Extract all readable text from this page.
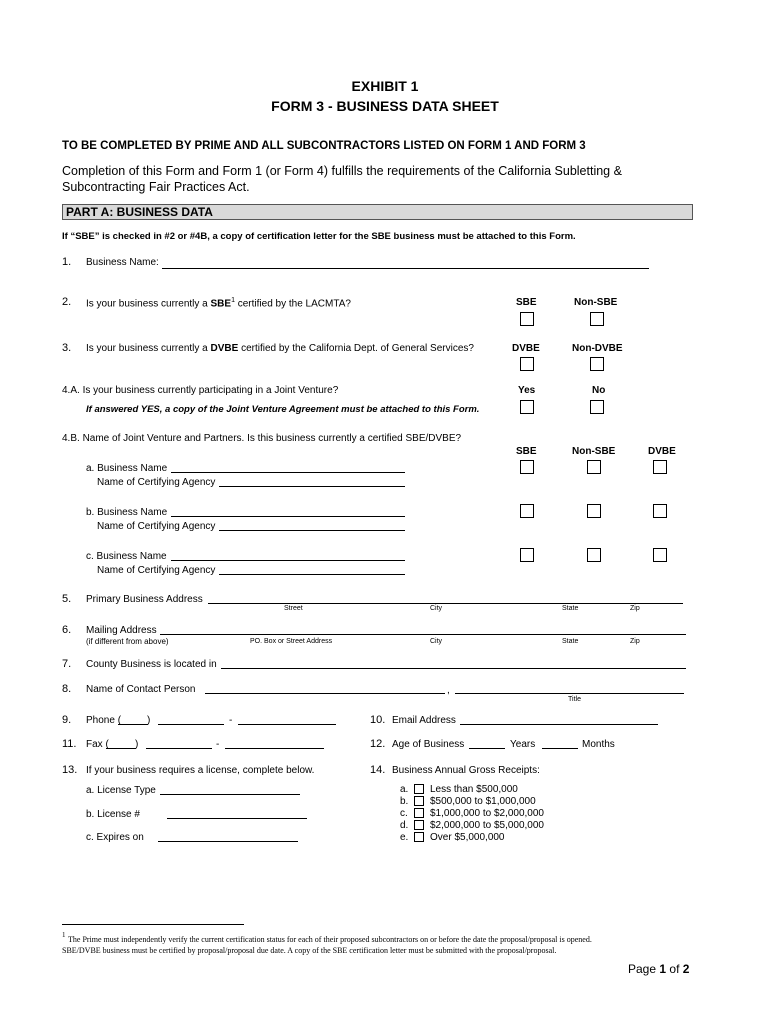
EXHIBIT 1
FORM 3 - BUSINESS DATA SHEET
TO BE COMPLETED BY PRIME AND ALL SUBCONTRACTORS LISTED ON FORM 1 AND FORM 3
Completion of this Form and Form 1 (or Form 4) fulfills the requirements of the California Subletting &
Subcontracting Fair Practices Act.
PART A: BUSINESS DATA
If “SBE” is checked in #2 or #4B, a copy of certification letter for the SBE business must be attached to this Form.
1. Business Name:
2. Is your business currently a SBE$^1$ certified by the LACMTA?	SBE	Non-SBE
3. Is your business currently a DVBE certified by the California Dept. of General Services?	DVBE	Non-DVBE
4.A. Is your business currently participating in a Joint Venture?
If answered YES, a copy of the Joint Venture Agreement must be attached to this Form.
Yes	No
4.B. Name of Joint Venture and Partners. Is this business currently a certified SBE/DVBE?
SBE	Non-SBE	DVBE
a. Business Name
Name of Certifying Agency
b. Business Name
Name of Certifying Agency
c. Business Name
Name of Certifying Agency
5. Primary Business Address
Street	City	State	Zip
6. Mailing Address
(if different from above)	PO. Box or Street Address	City	State	Zip
7. County Business is located in
8. Name of Contact Person	,
Title
9. Phone (	)	-	10. Email Address
11. Fax (	)	-	12. Age of Business	Years	Months
13. If your business requires a license, complete below.
a. License Type
b. License #
c. Expires on
14. Business Annual Gross Receipts:
a. Less than $500,000
b. $500,000 to $1,000,000
c. $1,000,000 to $2,000,000
d. $2,000,000 to $5,000,000
e. Over $5,000,000
1 The Prime must independently verify the current certification status for each of their proposed subcontractors on or before the date the proposal/proposal is opened.
SBE/DVBE business must be certified by proposal/proposal due date. A copy of the SBE certification letter must be submitted with the proposal/proposal.
Page 1 of 2
